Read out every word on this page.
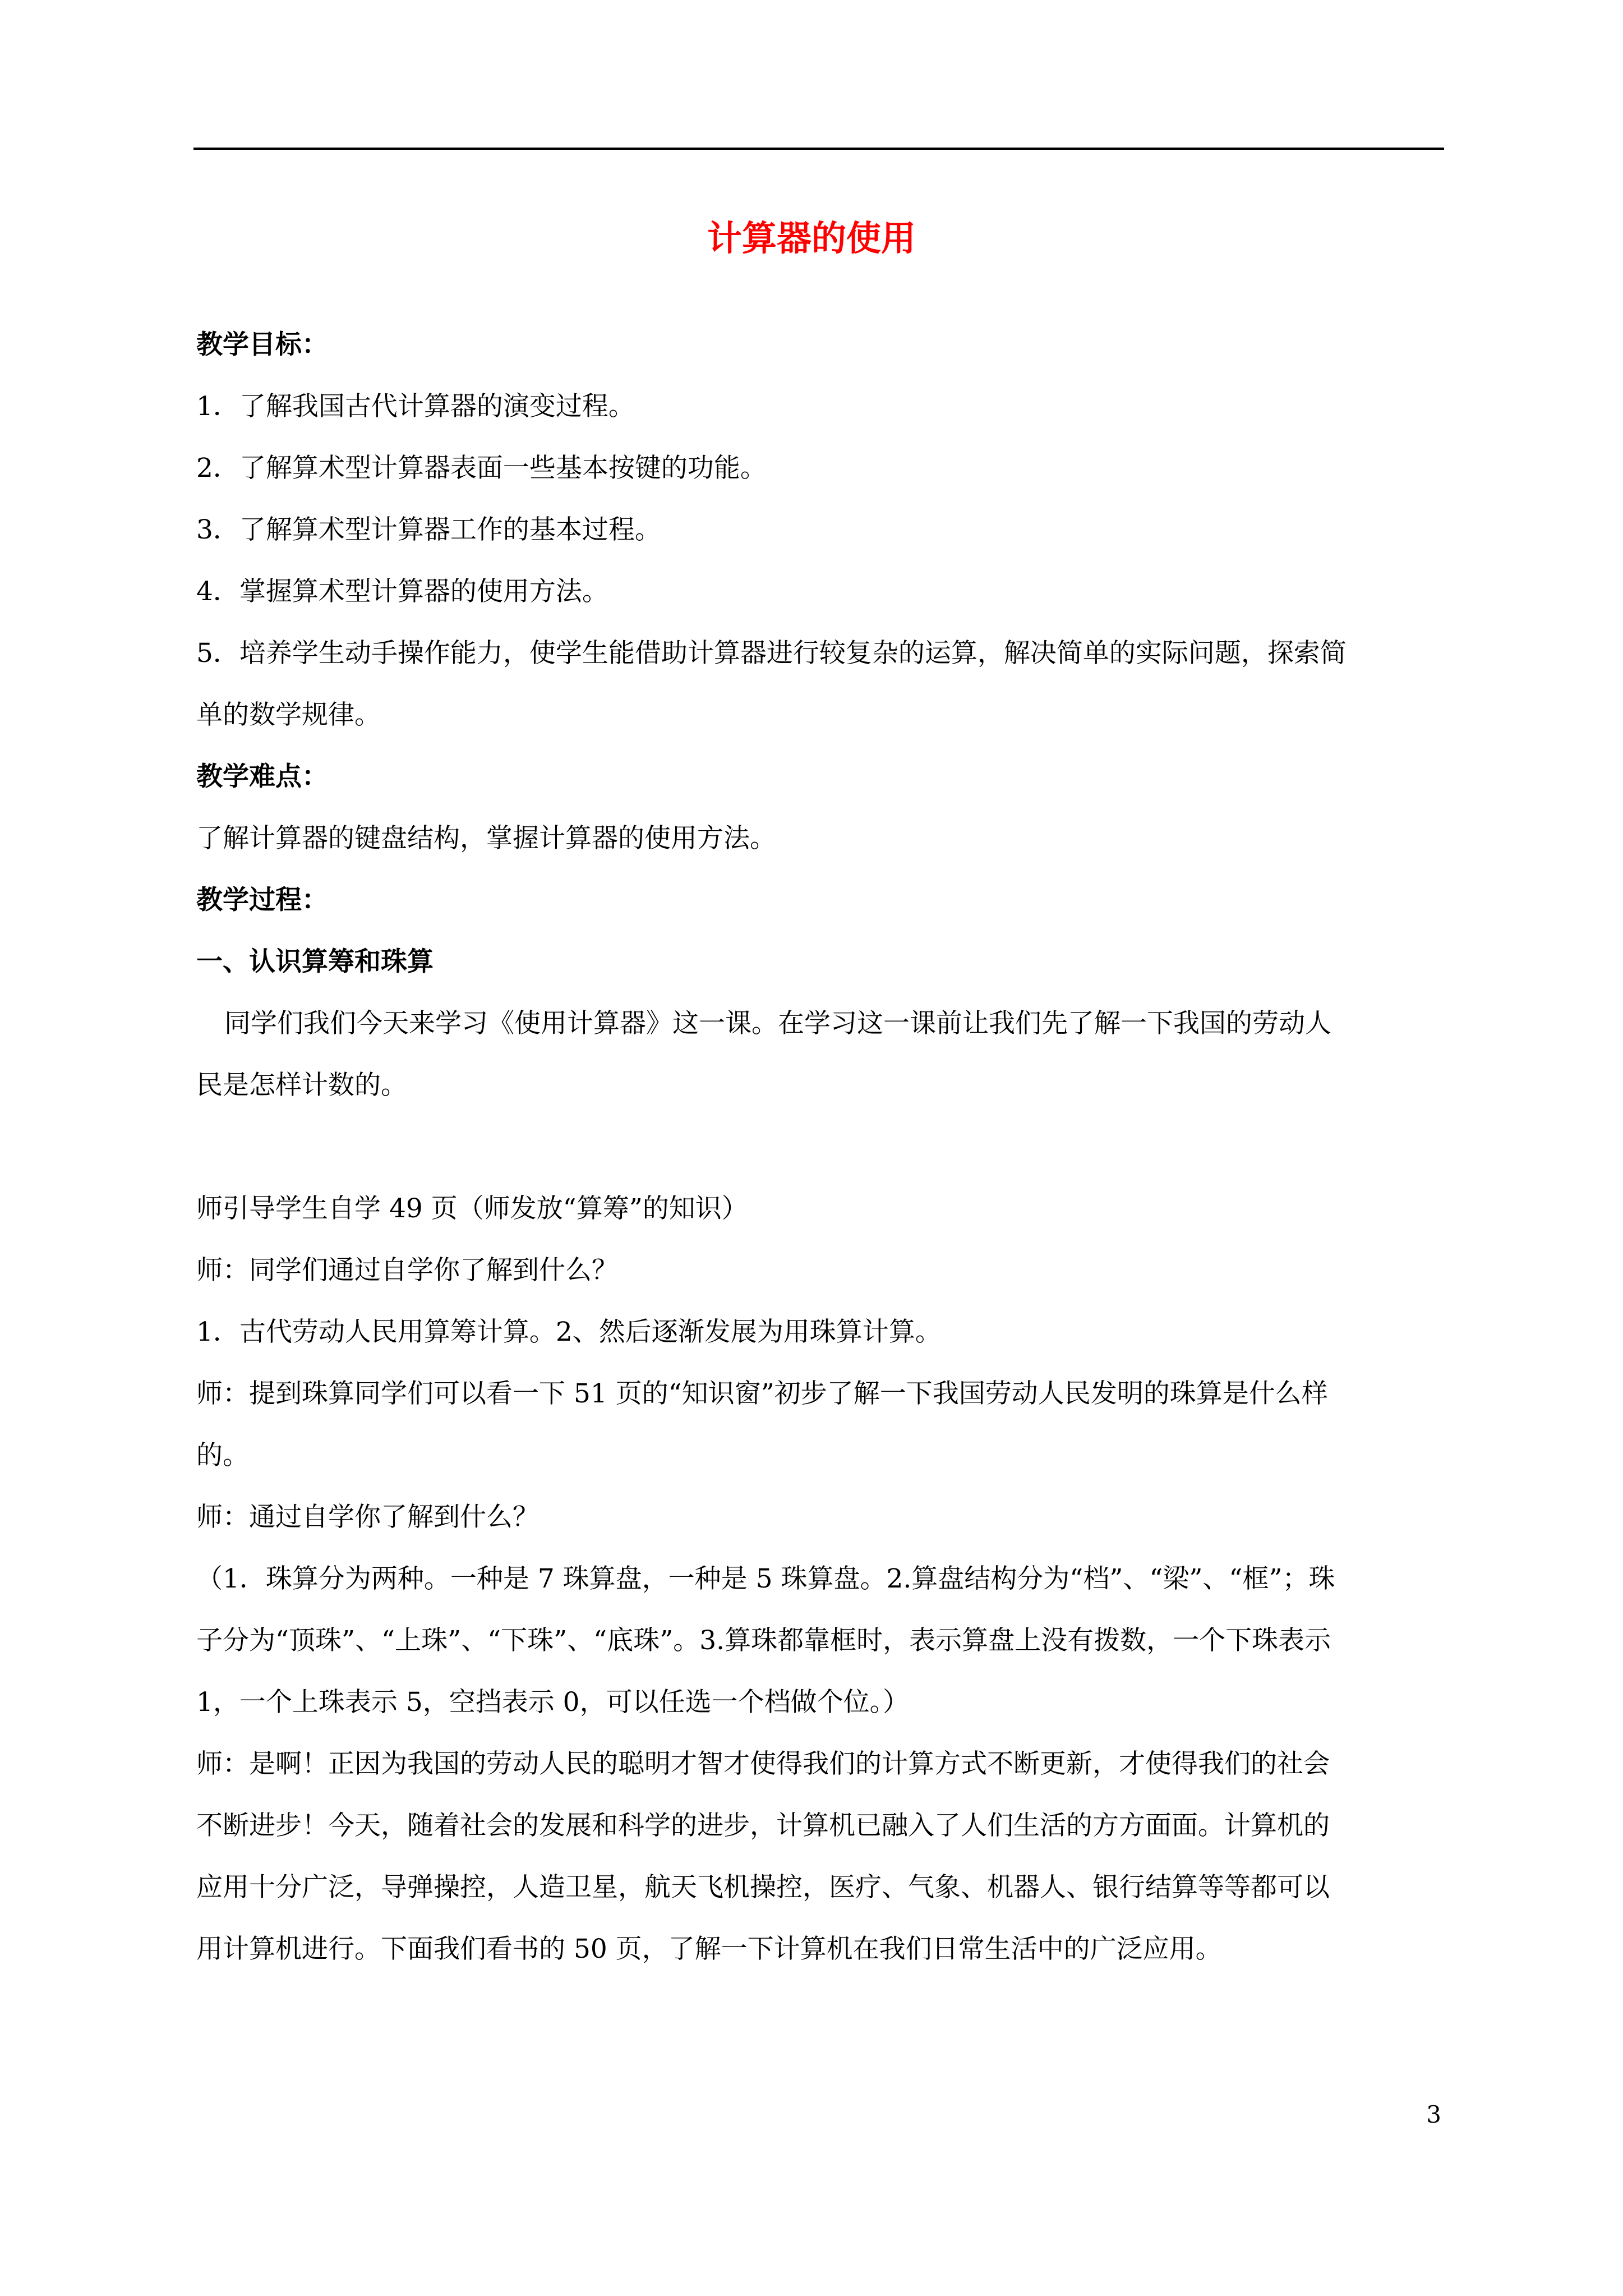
计算器的使用

教学目标：

1．了解我国古代计算器的演变过程。

2．了解算术型计算器表面一些基本按键的功能。

3．了解算术型计算器工作的基本过程。

4．掌握算术型计算器的使用方法。

5．培养学生动手操作能力，使学生能借助计算器进行较复杂的运算，解决简单的实际问题，探索简

单的数学规律。

教学难点：

了解计算器的键盘结构，掌握计算器的使用方法。

教学过程：

一、认识算筹和珠算

同学们我们今天来学习《使用计算器》这一课。在学习这一课前让我们先了解一下我国的劳动人

民是怎样计数的。

师引导学生自学 49 页（师发放“算筹”的知识）

师：同学们通过自学你了解到什么？

1．古代劳动人民用算筹计算。2、然后逐渐发展为用珠算计算。

师：提到珠算同学们可以看一下 51 页的“知识窗”初步了解一下我国劳动人民发明的珠算是什么样

的。

师：通过自学你了解到什么？

（1．珠算分为两种。一种是 7 珠算盘，一种是 5 珠算盘。2.算盘结构分为“档”、“梁”、“框”；珠

子分为“顶珠”、“上珠”、“下珠”、“底珠”。3.算珠都靠框时，表示算盘上没有拨数，一个下珠表示

1，一个上珠表示 5，空挡表示 0，可以任选一个档做个位。）

师：是啊！正因为我国的劳动人民的聪明才智才使得我们的计算方式不断更新，才使得我们的社会

不断进步！今天，随着社会的发展和科学的进步，计算机已融入了人们生活的方方面面。计算机的

应用十分广泛，导弹操控，人造卫星，航天飞机操控，医疗、气象、机器人、银行结算等等都可以

用计算机进行。下面我们看书的 50 页，了解一下计算机在我们日常生活中的广泛应用。

3
